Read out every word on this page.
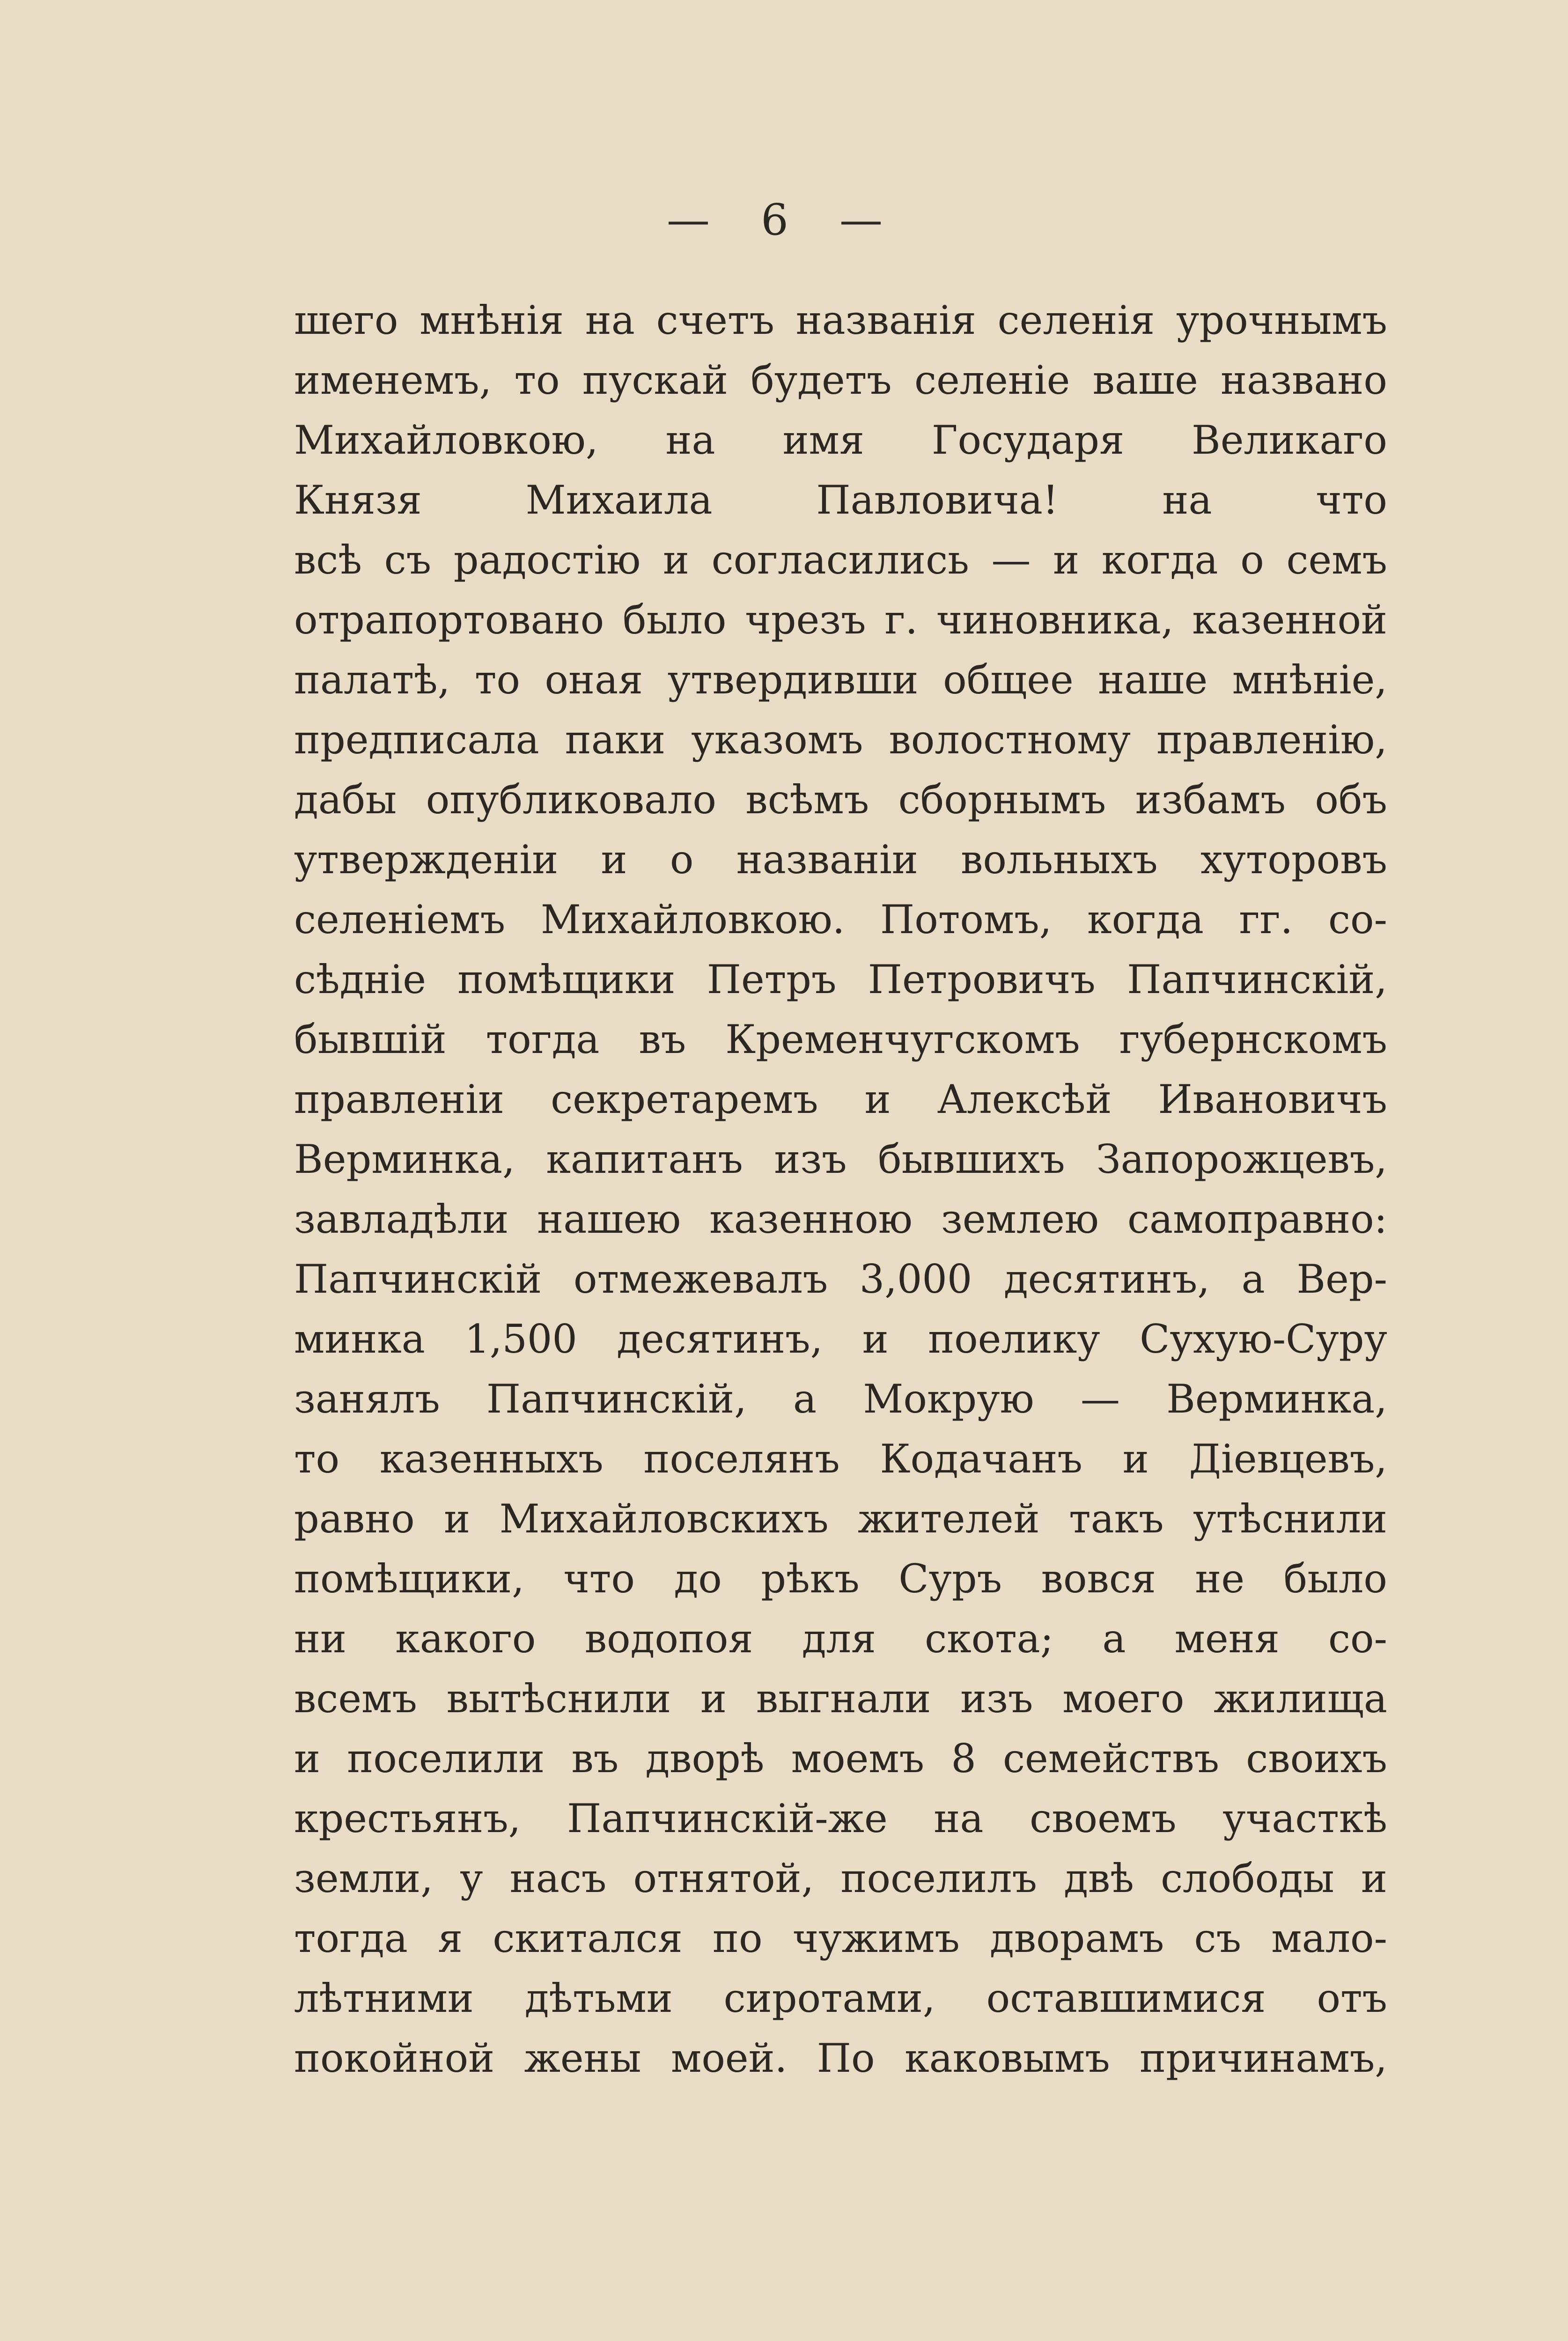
— 6 —
шего мнѣнія на счетъ названія селенія урочнымъ
именемъ, то пускай будетъ селеніе ваше названо
Михайловкою, на имя Государя Великаго
Князя Михаила Павловича! на что
всѣ съ радостію и согласились — и когда о семъ
отрапортовано было чрезъ г. чиновника, казенной
палатѣ, то оная утвердивши общее наше мнѣніе,
предписала паки указомъ волостному правленію,
дабы опубликовало всѣмъ сборнымъ избамъ объ
утвержденіи и о названіи вольныхъ хуторовъ
селеніемъ Михайловкою. Потомъ, когда гг. со-
сѣдніе помѣщики Петръ Петровичъ Папчинскій,
бывшій тогда въ Кременчугскомъ губернскомъ
правленіи секретаремъ и Алексѣй Ивановичъ
Верминка, капитанъ изъ бывшихъ Запорожцевъ,
завладѣли нашею казенною землею самоправно:
Папчинскій отмежевалъ 3,000 десятинъ, а Вер-
минка 1,500 десятинъ, и поелику Сухую-Суру
занялъ Папчинскій, а Мокрую — Верминка,
то казенныхъ поселянъ Кодачанъ и Діевцевъ,
равно и Михайловскихъ жителей такъ утѣснили
помѣщики, что до рѣкъ Суръ вовся не было
ни какого водопоя для скота; а меня со-
всемъ вытѣснили и выгнали изъ моего жилища
и поселили въ дворѣ моемъ 8 семействъ своихъ
крестьянъ, Папчинскій-же на своемъ участкѣ
земли, у насъ отнятой, поселилъ двѣ слободы и
тогда я скитался по чужимъ дворамъ съ мало-
лѣтними дѣтьми сиротами, оставшимися отъ
покойной жены моей. По каковымъ причинамъ,
